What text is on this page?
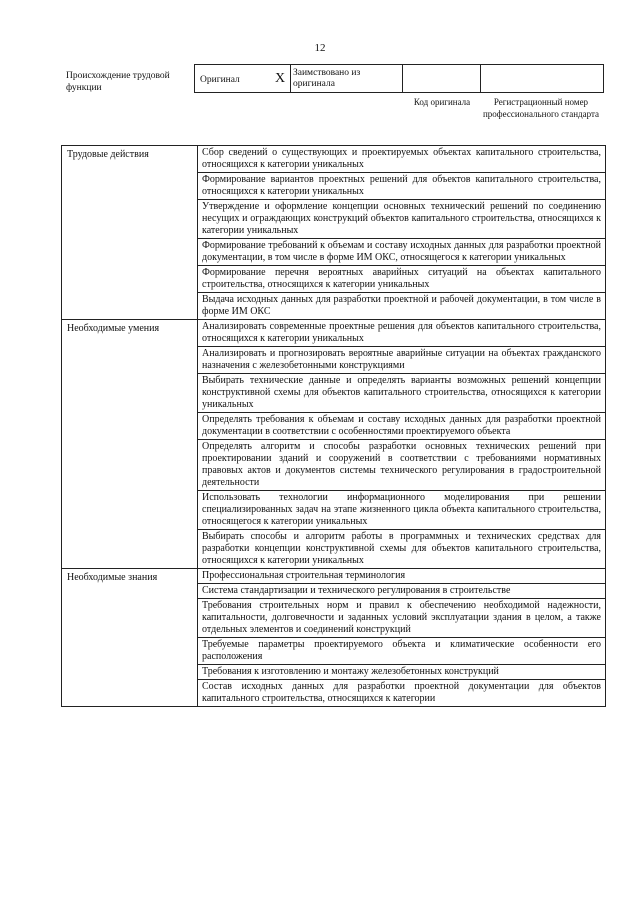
12
Происхождение трудовой функции
Оригинал	X Заимствовано из оригинала
Код оригинала	Регистрационный номер профессионального стандарта
Трудовые действия	Сбор сведений о существующих и проектируемых объектах капитального строительства, относящихся к категории уникальных
Формирование вариантов проектных решений для объектов капитального строительства, относящихся к категории уникальных
Утверждение и оформление концепции основных технический решений по соединению несущих и ограждающих конструкций объектов капитального строительства, относящихся к категории уникальных
Формирование требований к объемам и составу исходных данных для разработки проектной документации, в том числе в форме ИМ ОКС, относящегося к категории уникальных
Формирование перечня вероятных аварийных ситуаций на объектах капитального строительства, относящихся к категории уникальных
Выдача исходных данных для разработки проектной и рабочей документации, в том числе в форме ИМ ОКС
Необходимые умения	Анализировать современные проектные решения для объектов капитального строительства, относящихся к категории уникальных
Анализировать и прогнозировать вероятные аварийные ситуации на объектах гражданского назначения с железобетонными конструкциями
Выбирать технические данные и определять варианты возможных решений концепции конструктивной схемы для объектов капитального строительства, относящихся к категории уникальных
Определять требования к объемам и составу исходных данных для разработки проектной документации в соответствии с особенностями проектируемого объекта
Определять алгоритм и способы разработки основных технических решений при проектировании зданий и сооружений в соответствии с требованиями нормативных правовых актов и документов системы технического регулирования в градостроительной деятельности
Использовать технологии информационного моделирования при решении специализированных задач на этапе жизненного цикла объекта капитального строительства, относящегося к категории уникальных
Выбирать способы и алгоритм работы в программных и технических средствах для разработки концепции конструктивной схемы для объектов капитального строительства, относящихся к категории уникальных
Необходимые знания	Профессиональная строительная терминология
Система стандартизации и технического регулирования в строительстве
Требования строительных норм и правил к обеспечению необходимой надежности, капитальности, долговечности и заданных условий эксплуатации здания в целом, а также отдельных элементов и соединений конструкций
Требуемые параметры проектируемого объекта и климатические особенности его расположения
Требования к изготовлению и монтажу железобетонных конструкций
Состав исходных данных для разработки проектной документации для объектов капитального строительства, относящихся к категории
